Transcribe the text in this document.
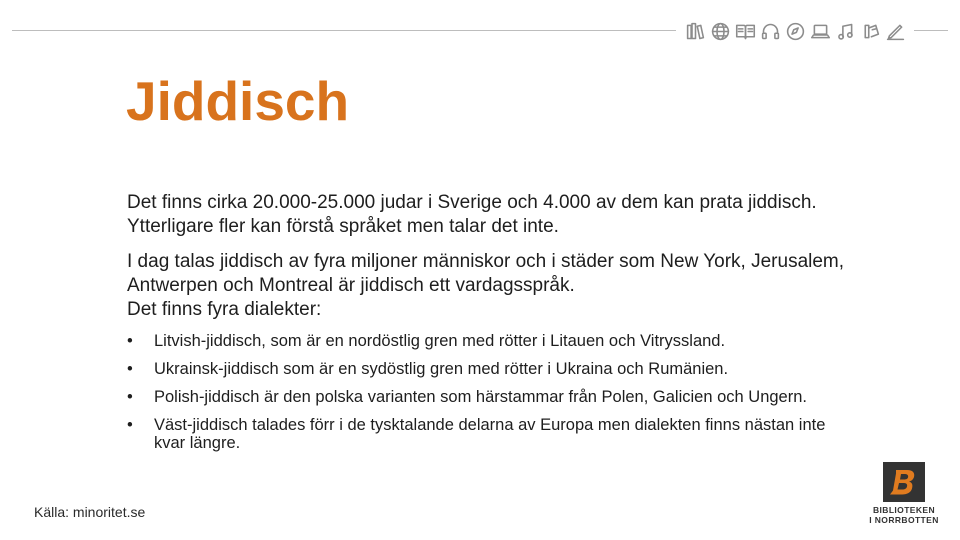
Jiddisch

Det finns cirka 20.000-25.000 judar i Sverige och 4.000 av dem kan prata jiddisch. Ytterligare fler kan förstå språket men talar det inte.

I dag talas jiddisch av fyra miljoner människor och i städer som New York, Jerusalem, Antwerpen och Montreal är jiddisch ett vardagsspråk.

Det finns fyra dialekter:

• Litvish-jiddisch, som är en nordöstlig gren med rötter i Litauen och Vitryssland.
• Ukrainsk-jiddisch som är en sydöstlig gren med rötter i Ukraina och Rumänien.
• Polish-jiddisch är den polska varianten som härstammar från Polen, Galicien och Ungern.
• Väst-jiddisch talades förr i de tysktalande delarna av Europa men dialekten finns nästan inte kvar längre.
Källa: minoritet.se	BIBLIOTEKEN
I NORRBOTTEN
